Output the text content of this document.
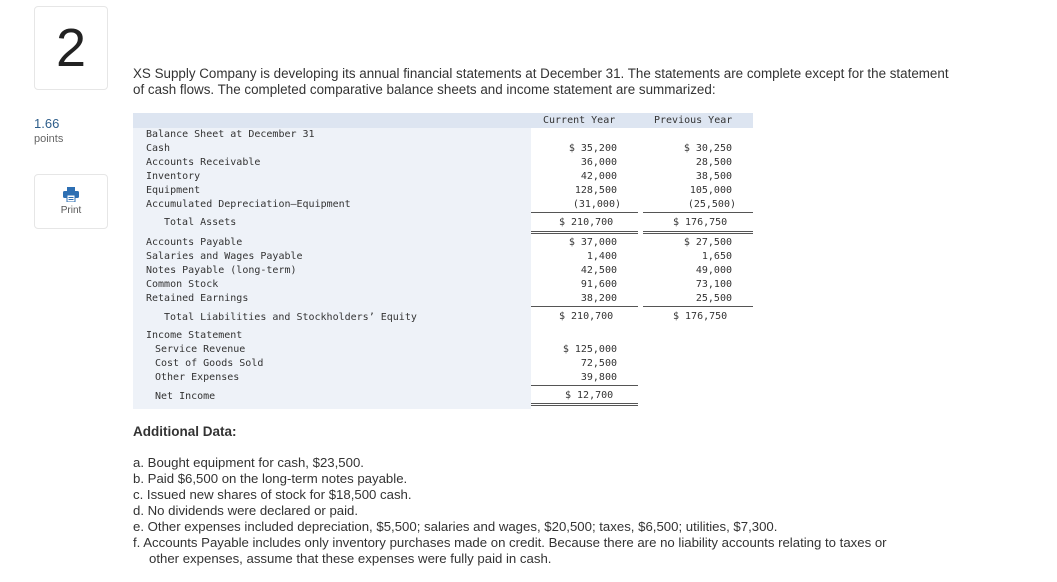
2
1.66
points
Print
XS Supply Company is developing its annual financial statements at December 31. The statements are complete except for the statement of cash flows. The completed comparative balance sheets and income statement are summarized:
Current Year	Previous Year
Balance Sheet at December 31
Cash	$ 35,200	$ 30,250
Accounts Receivable	36,000	28,500
Inventory	42,000	38,500
Equipment	128,500	105,000
Accumulated Depreciation—Equipment	(31,000)	(25,500)
Total Assets	$ 210,700	$ 176,750
Accounts Payable	$ 37,000	$ 27,500
Salaries and Wages Payable	1,400	1,650
Notes Payable (long-term)	42,500	49,000
Common Stock	91,600	73,100
Retained Earnings	38,200	25,500
Total Liabilities and Stockholders’ Equity	$ 210,700	$ 176,750
Income Statement
Service Revenue	$ 125,000
Cost of Goods Sold	72,500
Other Expenses	39,800
Net Income	$ 12,700
Additional Data:
a. Bought equipment for cash, $23,500.
b. Paid $6,500 on the long-term notes payable.
c. Issued new shares of stock for $18,500 cash.
d. No dividends were declared or paid.
e. Other expenses included depreciation, $5,500; salaries and wages, $20,500; taxes, $6,500; utilities, $7,300.
f. Accounts Payable includes only inventory purchases made on credit. Because there are no liability accounts relating to taxes or
other expenses, assume that these expenses were fully paid in cash.
